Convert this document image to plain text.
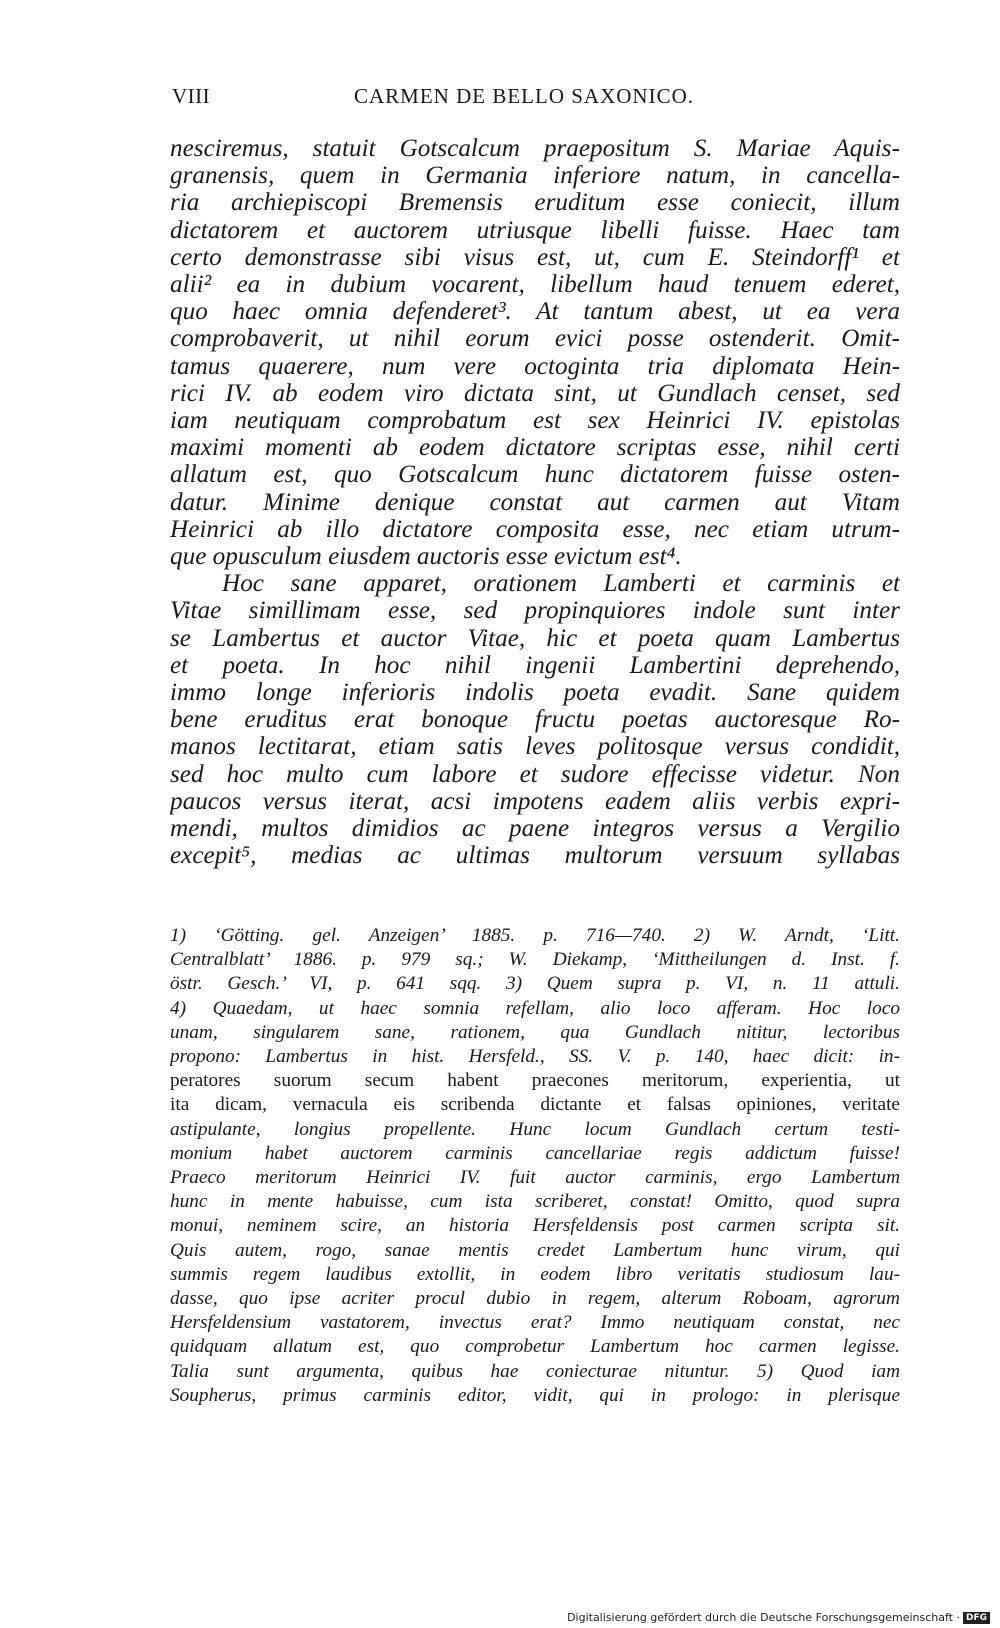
VIII	CARMEN DE BELLO SAXONICO.
nesciremus, statuit Gotscalcum praepositum S. Mariae Aquis-
granensis, quem in Germania inferiore natum, in cancella-
ria archiepiscopi Bremensis eruditum esse coniecit, illum
dictatorem et auctorem utriusque libelli fuisse. Haec tam
certo demonstrasse sibi visus est, ut, cum E. Steindorff¹ et
alii² ea in dubium vocarent, libellum haud tenuem ederet,
quo haec omnia defenderet³. At tantum abest, ut ea vera
comprobaverit, ut nihil eorum evici posse ostenderit. Omit-
tamus quaerere, num vere octoginta tria diplomata Hein-
rici IV. ab eodem viro dictata sint, ut Gundlach censet, sed
iam neutiquam comprobatum est sex Heinrici IV. epistolas
maximi momenti ab eodem dictatore scriptas esse, nihil certi
allatum est, quo Gotscalcum hunc dictatorem fuisse osten-
datur. Minime denique constat aut carmen aut Vitam
Heinrici ab illo dictatore composita esse, nec etiam utrum-
que opusculum eiusdem auctoris esse evictum est⁴.
Hoc sane apparet, orationem Lamberti et carminis et
Vitae simillimam esse, sed propinquiores indole sunt inter
se Lambertus et auctor Vitae, hic et poeta quam Lambertus
et poeta. In hoc nihil ingenii Lambertini deprehendo,
immo longe inferioris indolis poeta evadit. Sane quidem
bene eruditus erat bonoque fructu poetas auctoresque Ro-
manos lectitarat, etiam satis leves politosque versus condidit,
sed hoc multo cum labore et sudore effecisse videtur. Non
paucos versus iterat, acsi impotens eadem aliis verbis expri-
mendi, multos dimidios ac paene integros versus a Vergilio
excepit⁵, medias ac ultimas multorum versuum syllabas
1) ‘Götting. gel. Anzeigen’ 1885. p. 716—740. 2) W. Arndt, ‘Litt.
Centralblatt’ 1886. p. 979 sq.; W. Diekamp, ‘Mittheilungen d. Inst. f.
östr. Gesch.’ VI, p. 641 sqq. 3) Quem supra p. VI, n. 11 attuli.
4) Quaedam, ut haec somnia refellam, alio loco afferam. Hoc loco
unam, singularem sane, rationem, qua Gundlach nititur, lectoribus
propono: Lambertus in hist. Hersfeld., SS. V. p. 140, haec dicit: in-
peratores suorum secum habent praecones meritorum, experientia, ut
ita dicam, vernacula eis scribenda dictante et falsas opiniones, veritate
astipulante, longius propellente. Hunc locum Gundlach certum testi-
monium habet auctorem carminis cancellariae regis addictum fuisse!
Praeco meritorum Heinrici IV. fuit auctor carminis, ergo Lambertum
hunc in mente habuisse, cum ista scriberet, constat! Omitto, quod supra
monui, neminem scire, an historia Hersfeldensis post carmen scripta sit.
Quis autem, rogo, sanae mentis credet Lambertum hunc virum, qui
summis regem laudibus extollit, in eodem libro veritatis studiosum lau-
dasse, quo ipse acriter procul dubio in regem, alterum Roboam, agrorum
Hersfeldensium vastatorem, invectus erat? Immo neutiquam constat, nec
quidquam allatum est, quo comprobetur Lambertum hoc carmen legisse.
Talia sunt argumenta, quibus hae coniecturae nituntur. 5) Quod iam
Soupherus, primus carminis editor, vidit, qui in prologo: in plerisque
Digitalisierung gefördert durch die Deutsche Forschungsgemeinschaft · DFG
